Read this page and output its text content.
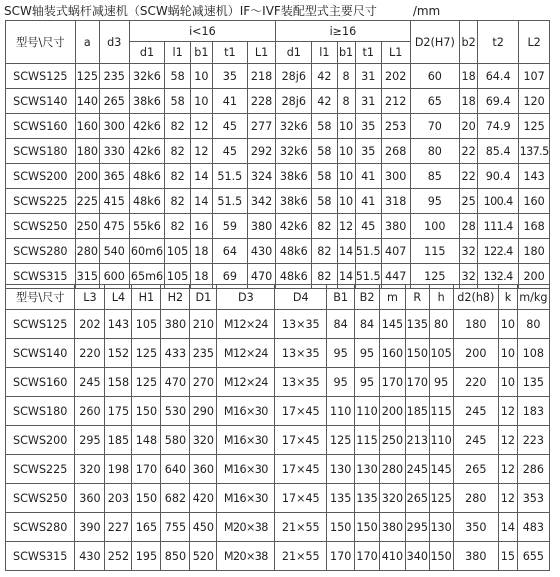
SCW轴装式蜗杆减速机（SCW蜗轮减速机）IF～IVF装配型式主要尺寸	/mm
型号\尺寸	a	d3	i<16					i≥16					D2(H7)	b2	t2	L2
			d1	l1	b1	t1	L1	d1	l1	b1	t1	L1				
SCWS125	125	235	32k6	58	10	35	218	28j6	42	8	31	202	60	18	64.4	107
SCWS140	140	265	38k6	58	10	41	228	28j6	42	8	31	212	65	18	69.4	120
SCWS160	160	300	42k6	82	12	45	277	32k6	58	10	35	253	70	20	74.9	125
SCWS180	180	330	42k6	82	12	45	292	32k6	58	10	35	268	80	22	85.4	137.5
SCWS200	200	365	48k6	82	14	51.5	324	38k6	58	10	41	300	85	22	90.4	143
SCWS225	225	415	48k6	82	14	51.5	342	38k6	58	10	41	318	95	25	100.4	160
SCWS250	250	475	55k6	82	16	59	380	42k6	82	12	45	380	100	28	111.4	168
SCWS280	280	540	60m6	105	18	64	430	48k6	82	14	51.5	407	115	32	122.4	180
SCWS315	315	600	65m6	105	18	69	470	48k6	82	14	51.5	447	125	32	132.4	200
型号\尺寸	L3	L4	H1	H2	D1	D3	D4	B1	B2	m	R	h	d2(h8)	k	m/kg
SCWS125	202	143	105	380	210	M12×24	13×35	84	84	145	135	80	180	10	80
SCWS140	220	152	125	433	235	M12×24	13×35	95	95	160	150	105	200	10	108
SCWS160	245	158	125	470	270	M12×24	13×35	95	95	170	170	95	220	10	135
SCWS180	260	175	150	530	290	M16×30	17×45	110	110	200	185	115	245	12	183
SCWS200	295	185	148	580	320	M16×30	17×45	125	115	250	213	110	245	12	223
SCWS225	320	198	170	640	360	M16×30	17×45	130	130	280	245	145	265	12	286
SCWS250	360	203	150	682	420	M16×30	17×45	135	135	320	265	125	280	12	353
SCWS280	390	227	165	755	450	M20×38	21×55	150	150	380	295	130	350	14	483
SCWS315	430	252	195	850	520	M20×38	21×55	170	170	410	340	150	380	15	655
